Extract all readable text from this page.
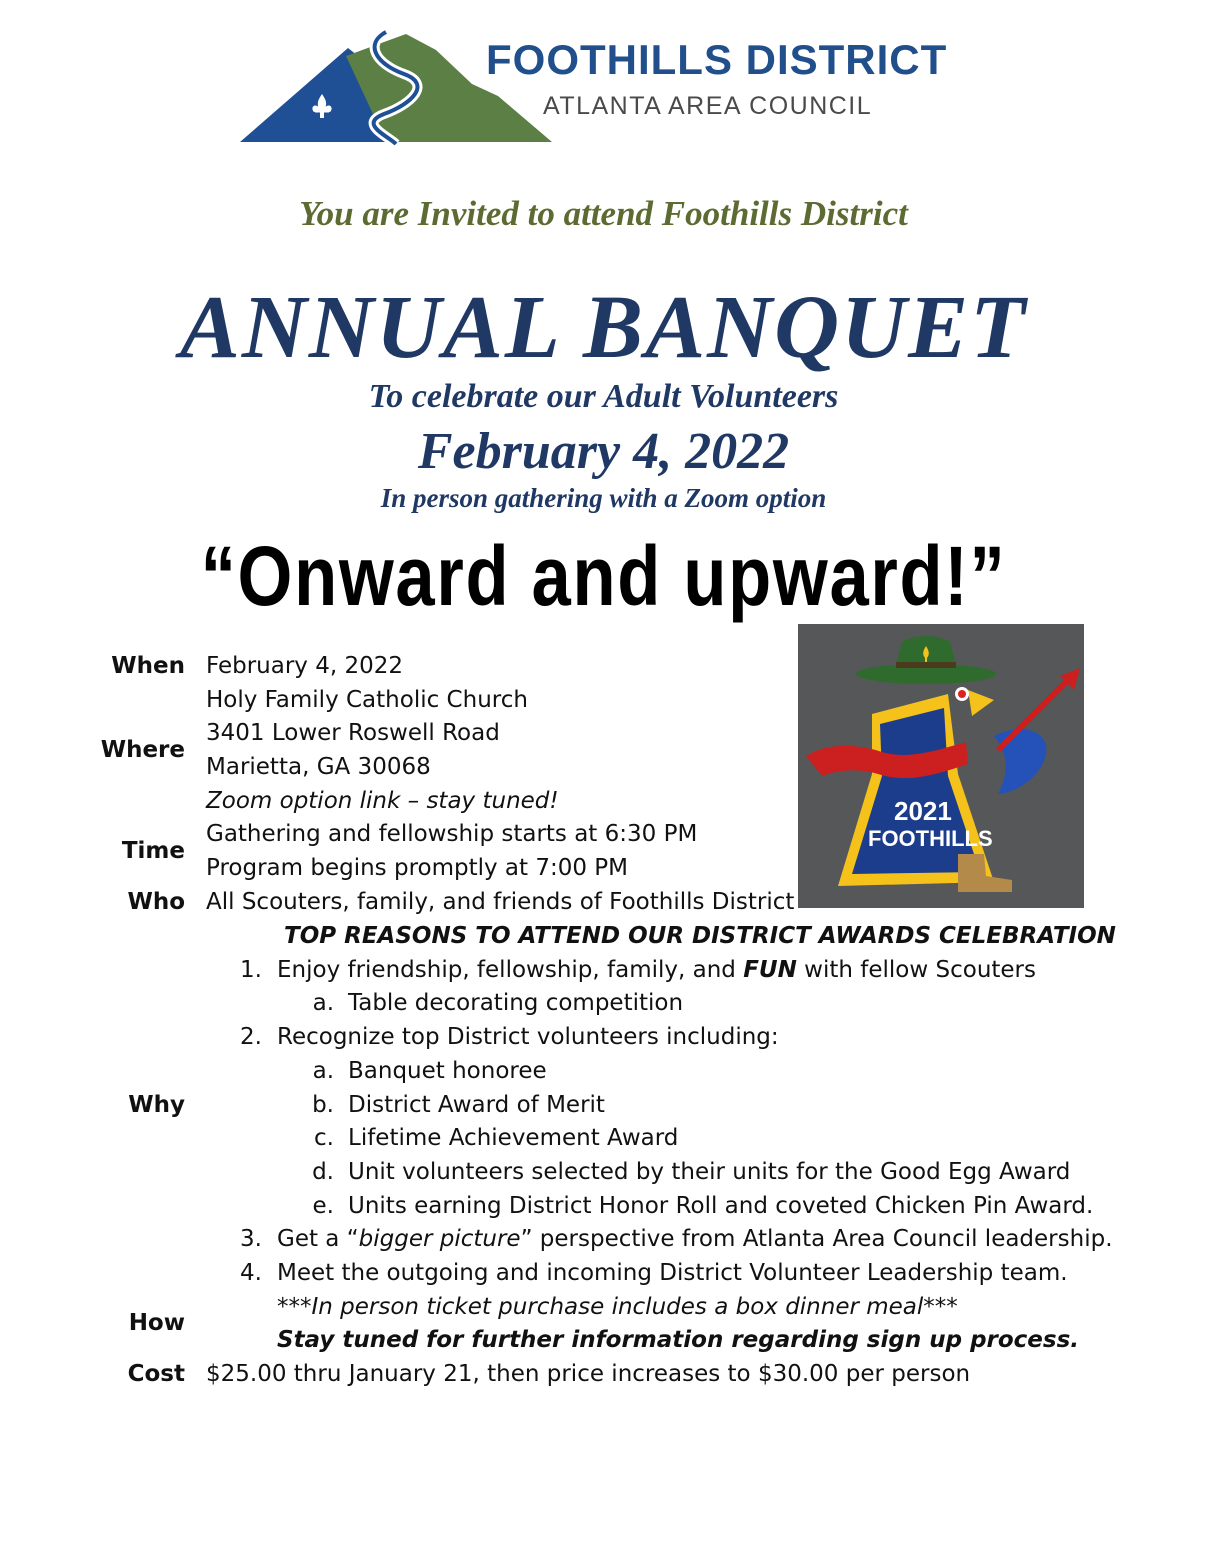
FOOTHILLS DISTRICT
ATLANTA AREA COUNCIL
You are Invited to attend Foothills District
ANNUAL BANQUET
To celebrate our Adult Volunteers
February 4, 2022
In person gathering with a Zoom option
“Onward and upward!”
2021
FOOTHILLS
When
Where
Time
Who
Why
How
Cost
February 4, 2022
Holy Family Catholic Church
3401 Lower Roswell Road
Marietta, GA 30068
Zoom option link – stay tuned!
Gathering and fellowship starts at 6:30 PM
Program begins promptly at 7:00 PM
All Scouters, family, and friends of Foothills District
TOP REASONS TO ATTEND OUR DISTRICT AWARDS CELEBRATION
1. Enjoy friendship, fellowship, family, and FUN with fellow Scouters
a. Table decorating competition
2. Recognize top District volunteers including:
a. Banquet honoree
b. District Award of Merit
c. Lifetime Achievement Award
d. Unit volunteers selected by their units for the Good Egg Award
e. Units earning District Honor Roll and coveted Chicken Pin Award.
3. Get a “bigger picture” perspective from Atlanta Area Council leadership.
4. Meet the outgoing and incoming District Volunteer Leadership team.
***In person ticket purchase includes a box dinner meal***
Stay tuned for further information regarding sign up process.
$25.00 thru January 21, then price increases to $30.00 per person
